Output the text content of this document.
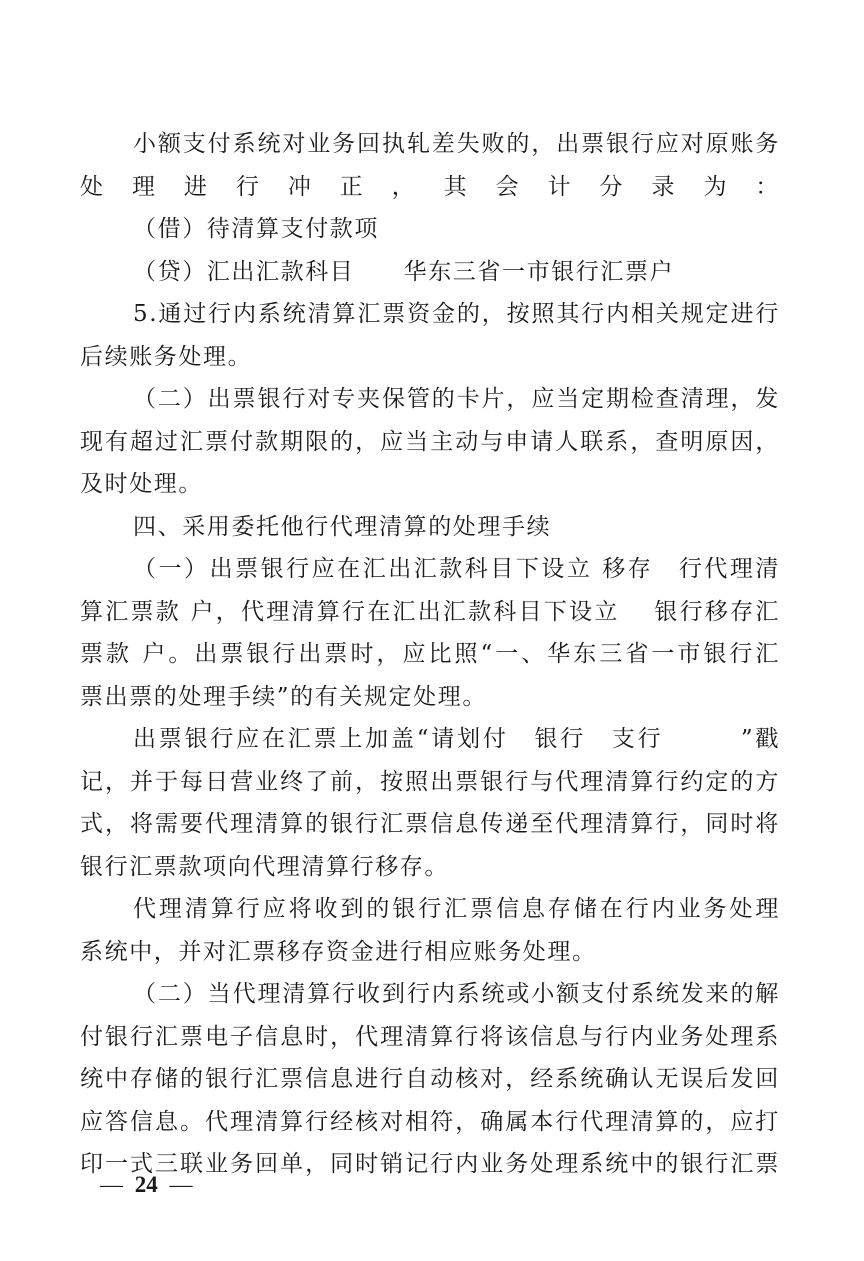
小额支付系统对业务回执轧差失败的，出票银行应对原账务
处理进行冲正，其会计分录为：
（借）待清算支付款项
（贷）汇出汇款科目　　华东三省一市银行汇票户
5.通过行内系统清算汇票资金的，按照其行内相关规定进行
后续账务处理。
（二）出票银行对专夹保管的卡片，应当定期检查清理，发
现有超过汇票付款期限的，应当主动与申请人联系，查明原因，
及时处理。
四、采用委托他行代理清算的处理手续
（一）出票银行应在汇出汇款科目下设立 移存　行代理清
算汇票款 户，代理清算行在汇出汇款科目下设立　 银行移存汇
票款 户。出票银行出票时，应比照“一、华东三省一市银行汇
票出票的处理手续”的有关规定处理。
出票银行应在汇票上加盖“请划付　银行　支行　　　”戳
记，并于每日营业终了前，按照出票银行与代理清算行约定的方
式，将需要代理清算的银行汇票信息传递至代理清算行，同时将
银行汇票款项向代理清算行移存。
代理清算行应将收到的银行汇票信息存储在行内业务处理
系统中，并对汇票移存资金进行相应账务处理。
（二）当代理清算行收到行内系统或小额支付系统发来的解
付银行汇票电子信息时，代理清算行将该信息与行内业务处理系
统中存储的银行汇票信息进行自动核对，经系统确认无误后发回
应答信息。代理清算行经核对相符，确属本行代理清算的，应打
印一式三联业务回单，同时销记行内业务处理系统中的银行汇票
— 24 —
